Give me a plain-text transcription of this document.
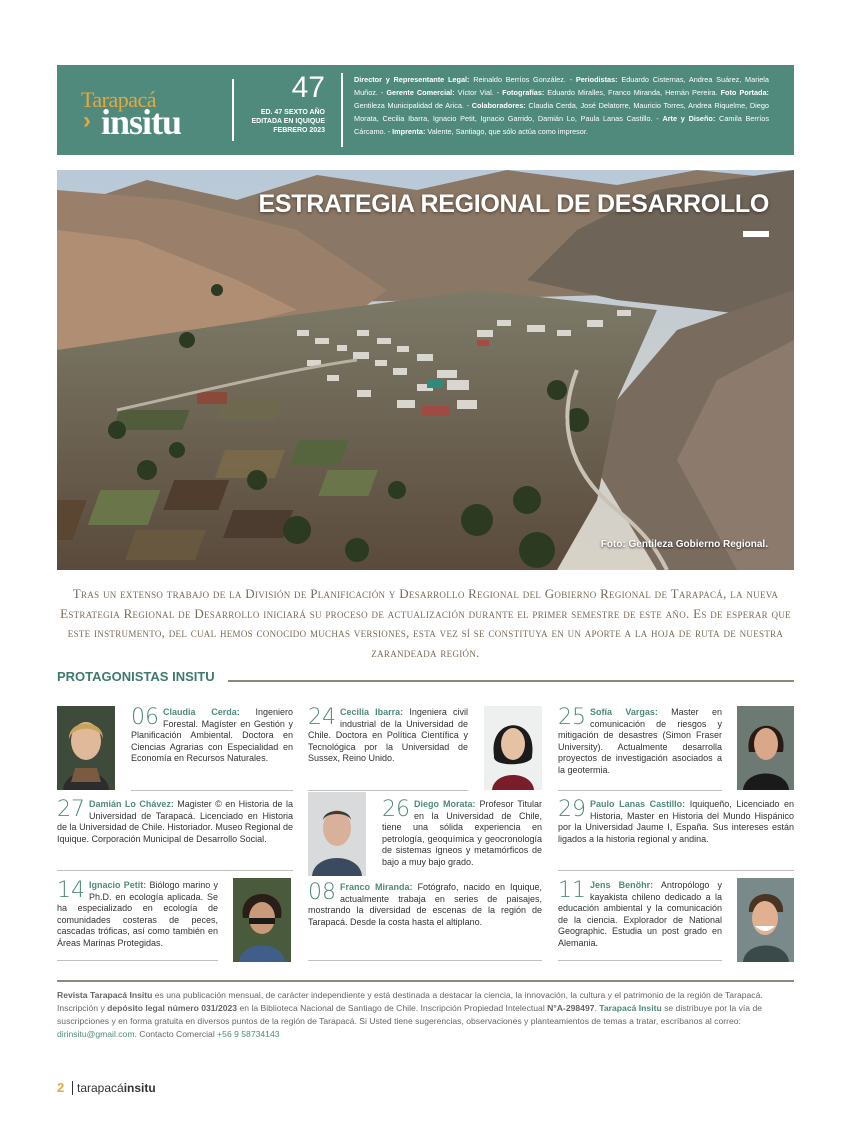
Tarapacá
› insitu
47
ED. 47 SEXTO AÑO
EDITADA EN IQUIQUE
FEBRERO 2023
Director y Representante Legal: Reinaldo Berríos González. - Periodistas: Eduardo Cisternas, Andrea Suárez, Mariela Muñoz. - Gerente Comercial: Víctor Vial. - Fotografías: Eduardo Miralles, Franco Miranda, Hernán Pereira. Foto Portada: Gentileza Municipalidad de Arica. - Colaboradores: Claudia Cerda, José Delatorre, Mauricio Torres, Andrea Riquelme, Diego Morata, Cecilia Ibarra, Ignacio Petit, Ignacio Garrido, Damián Lo, Paula Lanas Castillo. - Arte y Diseño: Camila Berríos Cárcamo. - Imprenta: Valente, Santiago, que sólo actúa como impresor.
ESTRATEGIA REGIONAL DE DESARROLLO
Foto: Gentileza Gobierno Regional.
Tras un extenso trabajo de la División de Planificación y Desarrollo Regional del Gobierno Regional de Tarapacá, la nueva Estrategia Regional de Desarrollo iniciará su proceso de actualización durante el primer semestre de este año. Es de esperar que este instrumento, del cual hemos conocido muchas versiones, esta vez sí se constituya en un aporte a la hoja de ruta de nuestra zarandeada región.
PROTAGONISTAS INSITU
06 Claudia Cerda: Ingeniero Forestal. Magíster en Gestión y Planificación Ambiental. Doctora en Ciencias Agrarias con Especialidad en Economía en Recursos Naturales.
24 Cecilia Ibarra: Ingeniera civil industrial de la Universidad de Chile. Doctora en Política Científica y Tecnológica por la Universidad de Sussex, Reino Unido.
25 Sofía Vargas: Master en comunicación de riesgos y mitigación de desastres (Simon Fraser University). Actualmente desarrolla proyectos de investigación asociados a la geotermia.
27 Damián Lo Chávez: Magister © en Historia de la Universidad de Tarapacá. Licenciado en Historia de la Universidad de Chile. Historiador. Museo Regional de Iquique. Corporación Municipal de Desarrollo Social.
26 Diego Morata: Profesor Titular en la Universidad de Chile, tiene una sólida experiencia en petrología, geoquímica y geocronología de sistemas ígneos y metamórficos de bajo a muy bajo grado.
29 Paulo Lanas Castillo: Iquiqueño, Licenciado en Historia, Master en Historia del Mundo Hispánico por la Universidad Jaume I, España. Sus intereses están ligados a la historia regional y andina.
14 Ignacio Petit: Biólogo marino y Ph.D. en ecología aplicada. Se ha especializado en ecología de comunidades costeras de peces, cascadas tróficas, así como también en Áreas Marinas Protegidas.
08 Franco Miranda: Fotógrafo, nacido en Iquique, actualmente trabaja en series de paisajes, mostrando la diversidad de escenas de la región de Tarapacá. Desde la costa hasta el altiplano.
11 Jens Benöhr: Antropólogo y kayakista chileno dedicado a la educación ambiental y la comunicación de la ciencia. Explorador de National Geographic. Estudia un post grado en Alemania.
Revista Tarapacá Insitu es una publicación mensual, de carácter independiente y está destinada a destacar la ciencia, la innovación, la cultura y el patrimonio de la región de Tarapacá. Inscripción y depósito legal número 031/2023 en la Biblioteca Nacional de Santiago de Chile. Inscripción Propiedad Intelectual N°A-298497. Tarapacá Insitu se distribuye por la vía de suscripciones y en forma gratuita en diversos puntos de la región de Tarapacá. Si Usted tiene sugerencias, observaciones y planteamientos de temas a tratar, escríbanos al correo: dirinsitu@gmail.com. Contacto Comercial +56 9 58734143
2	tarapacáinsitu
